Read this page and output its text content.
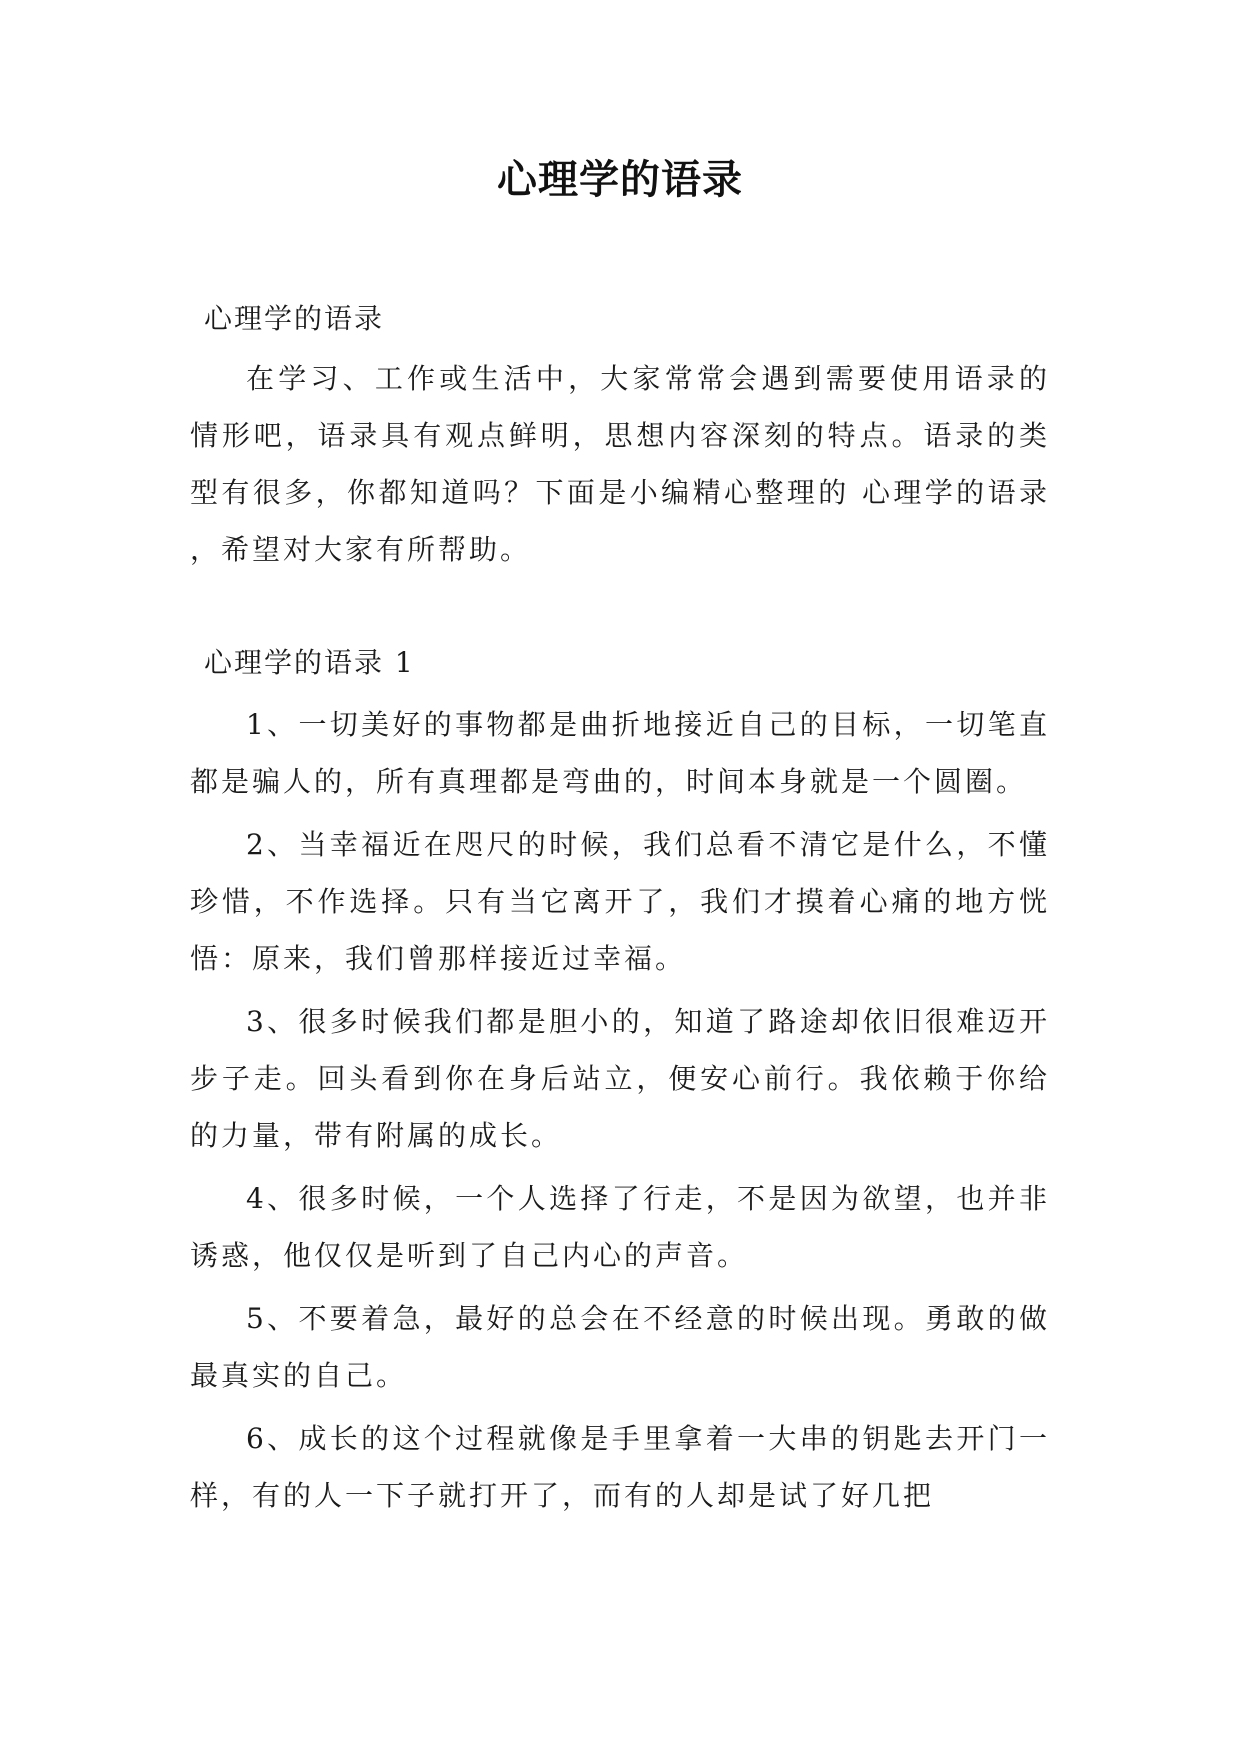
心理学的语录

心理学的语录

在学习、工作或生活中，大家常常会遇到需要使用语录的情形吧，语录具有观点鲜明，思想内容深刻的特点。语录的类型有很多，你都知道吗？下面是小编精心整理的 心理学的语录 ，希望对大家有所帮助。

心理学的语录 1

1、一切美好的事物都是曲折地接近自己的目标，一切笔直都是骗人的，所有真理都是弯曲的，时间本身就是一个圆圈。

2、当幸福近在咫尺的时候，我们总看不清它是什么，不懂珍惜，不作选择。只有当它离开了，我们才摸着心痛的地方恍悟：原来，我们曾那样接近过幸福。

3、很多时候我们都是胆小的，知道了路途却依旧很难迈开步子走。回头看到你在身后站立，便安心前行。我依赖于你给的力量，带有附属的成长。

4、很多时候，一个人选择了行走，不是因为欲望，也并非诱惑，他仅仅是听到了自己内心的声音。

5、不要着急，最好的总会在不经意的时候出现。勇敢的做最真实的自己。

6、成长的这个过程就像是手里拿着一大串的钥匙去开门一样，有的人一下子就打开了，而有的人却是试了好几把
